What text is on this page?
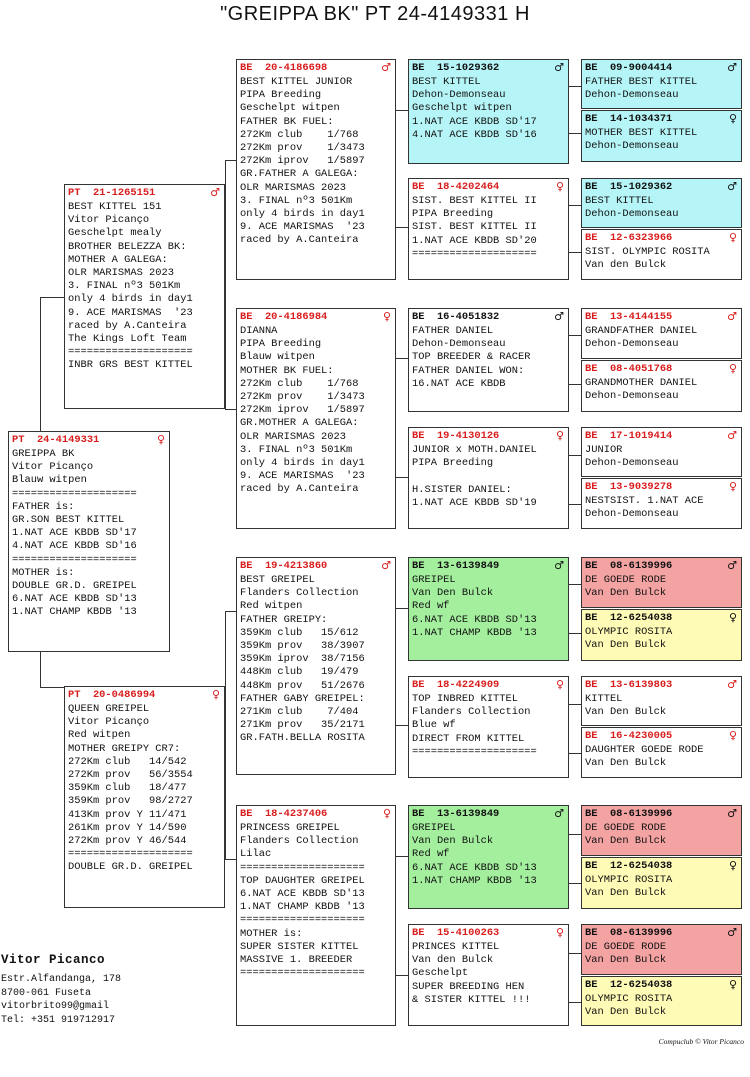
"GREIPPA BK" PT 24-4149331 H
PT  24-4149331	♀
GREIPPA BK
Vitor Picanço
Blauw witpen
====================
FATHER is:
GR.SON BEST KITTEL
1.NAT ACE KBDB SD'17
4.NAT ACE KBDB SD'16
====================
MOTHER is:
DOUBLE GR.D. GREIPEL
6.NAT ACE KBDB SD'13
1.NAT CHAMP KBDB '13
PT  21-1265151	♂
BEST KITTEL 151
Vitor Picanço
Geschelpt mealy
BROTHER BELEZZA BK:
MOTHER A GALEGA:
OLR MARISMAS 2023
3. FINAL nº3 501Km
only 4 birds in day1
9. ACE MARISMAS  '23
raced by A.Canteira
The Kings Loft Team
====================
INBR GRS BEST KITTEL
PT  20-0486994	♀
QUEEN GREIPEL
Vitor Picanço
Red witpen
MOTHER GREIPY CR7:
272Km club   14/542
272Km prov   56/3554
359Km club   18/477
359Km prov   98/2727
413Km prov Y 11/471
261Km prov Y 14/590
272Km prov Y 46/544
====================
DOUBLE GR.D. GREIPEL
BE  20-4186698	♂
BEST KITTEL JUNIOR
PIPA Breeding
Geschelpt witpen
FATHER BK FUEL:
272Km club    1/768
272Km prov    1/3473
272Km iprov   1/5897
GR.FATHER A GALEGA:
OLR MARISMAS 2023
3. FINAL nº3 501Km
only 4 birds in day1
9. ACE MARISMAS  '23
raced by A.Canteira
BE  20-4186984	♀
DIANNA
PIPA Breeding
Blauw witpen
MOTHER BK FUEL:
272Km club    1/768
272Km prov    1/3473
272Km iprov   1/5897
GR.MOTHER A GALEGA:
OLR MARISMAS 2023
3. FINAL nº3 501Km
only 4 birds in day1
9. ACE MARISMAS  '23
raced by A.Canteira
BE  19-4213860	♂
BEST GREIPEL
Flanders Collection
Red witpen
FATHER GREIPY:
359Km club   15/612
359Km prov   38/3907
359Km iprov  38/7156
448Km club   19/479
448Km prov   51/2676
FATHER GABY GREIPEL:
271Km club    7/404
271Km prov   35/2171
GR.FATH.BELLA ROSITA
BE  18-4237406	♀
PRINCESS GREIPEL
Flanders Collection
Lilac
====================
TOP DAUGHTER GREIPEL
6.NAT ACE KBDB SD'13
1.NAT CHAMP KBDB '13
====================
MOTHER is:
SUPER SISTER KITTEL
MASSIVE 1. BREEDER
====================
BE  15-1029362	♂
BEST KITTEL
Dehon-Demonseau
Geschelpt witpen
1.NAT ACE KBDB SD'17
4.NAT ACE KBDB SD'16
BE  18-4202464	♀
SIST. BEST KITTEL II
PIPA Breeding
SIST. BEST KITTEL II
1.NAT ACE KBDB SD'20
====================
BE  16-4051832	♂
FATHER DANIEL
Dehon-Demonseau
TOP BREEDER & RACER
FATHER DANIEL WON:
16.NAT ACE KBDB
BE  19-4130126	♀
JUNIOR x MOTH.DANIEL
PIPA Breeding
H.SISTER DANIEL:
1.NAT ACE KBDB SD'19
BE  13-6139849	♂
GREIPEL
Van Den Bulck
Red wf
6.NAT ACE KBDB SD'13
1.NAT CHAMP KBDB '13
BE  18-4224909	♀
TOP INBRED KITTEL
Flanders Collection
Blue wf
DIRECT FROM KITTEL
====================
BE  13-6139849	♂
GREIPEL
Van Den Bulck
Red wf
6.NAT ACE KBDB SD'13
1.NAT CHAMP KBDB '13
BE  15-4100263	♀
PRINCES KITTEL
Van den Bulck
Geschelpt
SUPER BREEDING HEN
& SISTER KITTEL !!!
BE  09-9004414	♂
FATHER BEST KITTEL
Dehon-Demonseau
BE  14-1034371	♀
MOTHER BEST KITTEL
Dehon-Demonseau
BE  15-1029362	♂
BEST KITTEL
Dehon-Demonseau
BE  12-6323966	♀
SIST. OLYMPIC ROSITA
Van den Bulck
BE  13-4144155	♂
GRANDFATHER DANIEL
Dehon-Demonseau
BE  08-4051768	♀
GRANDMOTHER DANIEL
Dehon-Demonseau
BE  17-1019414	♂
JUNIOR
Dehon-Demonseau
BE  13-9039278	♀
NESTSIST. 1.NAT ACE
Dehon-Demonseau
BE  08-6139996	♂
DE GOEDE RODE
Van Den Bulck
BE  12-6254038	♀
OLYMPIC ROSITA
Van Den Bulck
BE  13-6139803	♂
KITTEL
Van Den Bulck
BE  16-4230005	♀
DAUGHTER GOEDE RODE
Van Den Bulck
BE  08-6139996	♂
DE GOEDE RODE
Van Den Bulck
BE  12-6254038	♀
OLYMPIC ROSITA
Van Den Bulck
BE  08-6139996	♂
DE GOEDE RODE
Van Den Bulck
BE  12-6254038	♀
OLYMPIC ROSITA
Van Den Bulck
Vitor Picanco
Estr.Alfandanga, 178
8700-061 Fuseta
vitorbrito99@gmail
Tel: +351 919712917
Compuclub © Vitor Picanco
